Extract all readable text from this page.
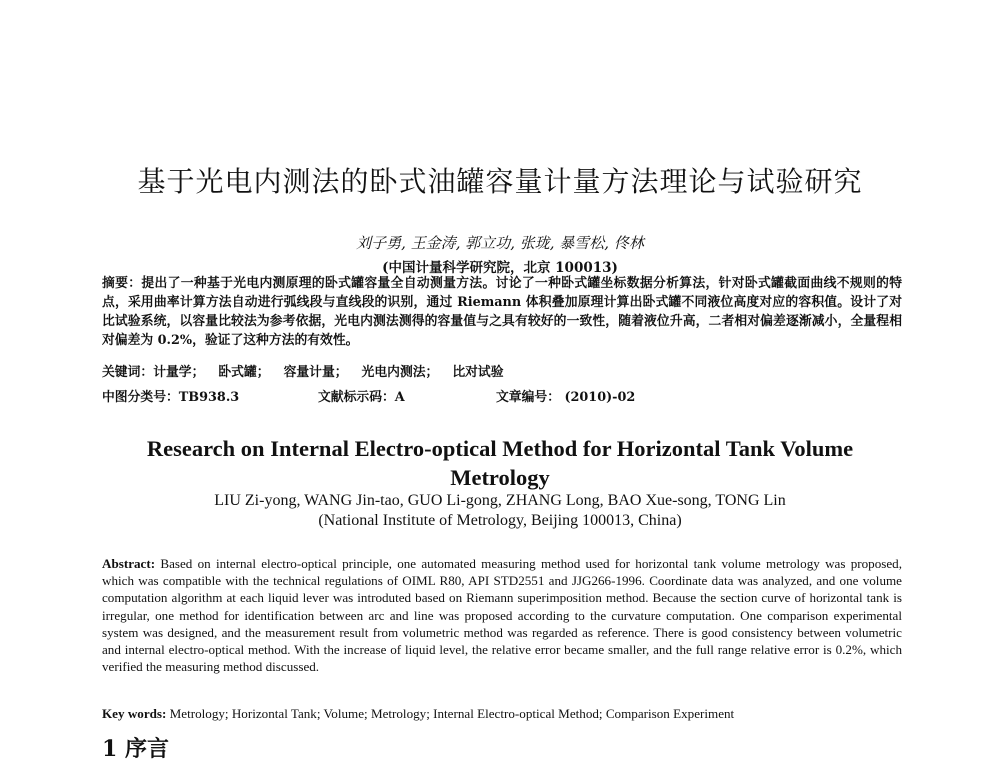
基于光电内测法的卧式油罐容量计量方法理论与试验研究
刘子勇, 王金涛, 郭立功, 张珑, 暴雪松, 佟林
(中国计量科学研究院，北京 100013)

摘要：提出了一种基于光电内测原理的卧式罐容量全自动测量方法。讨论了一种卧式罐坐标数据分析算法，针对卧式罐截面曲线不规则的特点，采用曲率计算方法自动进行弧线段与直线段的识别，通过 Riemann 体积叠加原理计算出卧式罐不同液位高度对应的容积值。设计了对比试验系统，以容量比较法为参考依据，光电内测法测得的容量值与之具有较好的一致性，随着液位升高，二者相对偏差逐渐减小，全量程相对偏差为 0.2%，验证了这种方法的有效性。

关键词：计量学； 卧式罐； 容量计量； 光电内测法； 比对试验

中图分类号：TB938.3	文献标示码：A	文章编号： (2010)-02
Research on Internal Electro-optical Method for Horizontal Tank Volume Metrology
LIU Zi-yong, WANG Jin-tao, GUO Li-gong, ZHANG Long, BAO Xue-song, TONG Lin
(National Institute of Metrology, Beijing 100013, China)

Abstract: Based on internal electro-optical principle, one automated measuring method used for horizontal tank volume metrology was proposed, which was compatible with the technical regulations of OIML R80, API STD2551 and JJG266-1996. Coordinate data was analyzed, and one volume computation algorithm at each liquid lever was introduted based on Riemann superimposition method. Because the section curve of horizontal tank is irregular, one method for identification between arc and line was proposed according to the curvature computation. One comparison experimental system was designed, and the measurement result from volumetric method was regarded as reference. There is good consistency between volumetric and internal electro-optical method. With the increase of liquid level, the relative error became smaller, and the full range relative error is 0.2%, which verified the measuring method discussed.

Key words: Metrology; Horizontal Tank; Volume; Metrology; Internal Electro-optical Method; Comparison Experiment

1 序言
